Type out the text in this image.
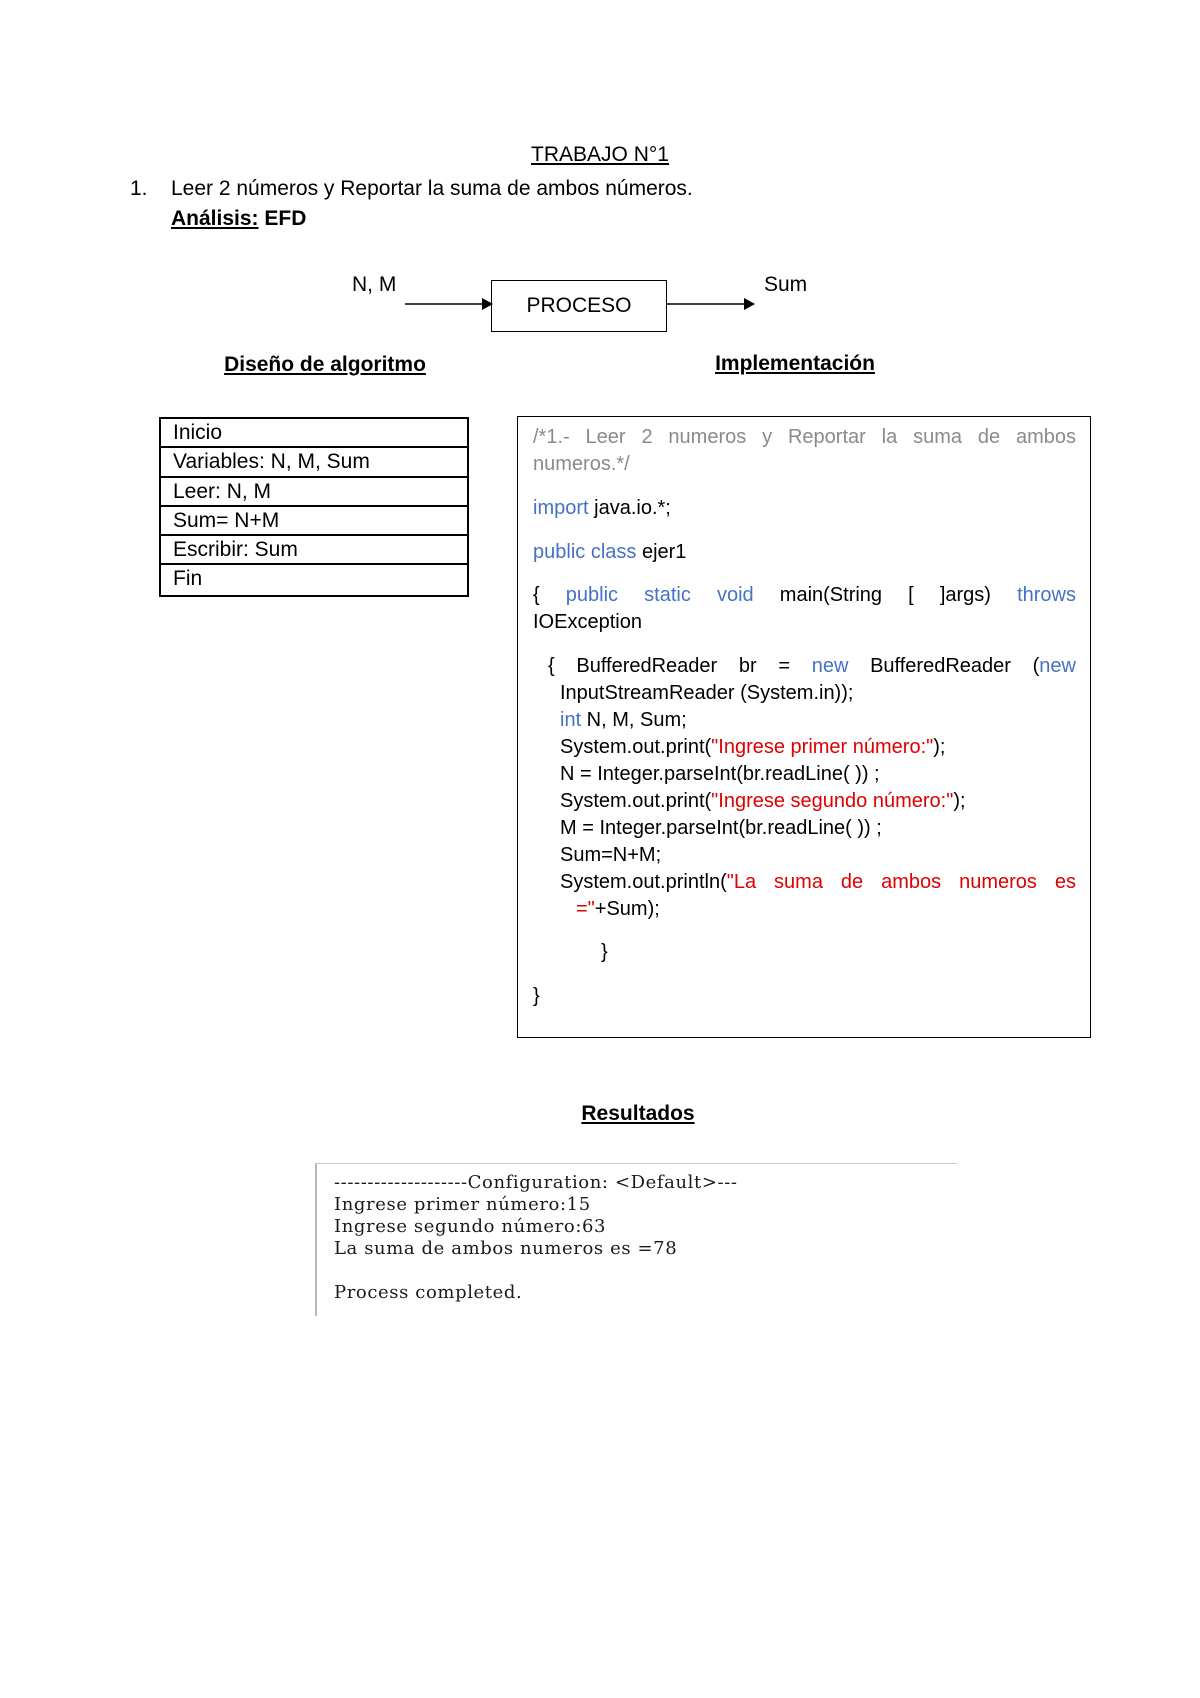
TRABAJO N°1
1. Leer 2 números y Reportar la suma de ambos números.
Análisis: EFD
N, M
PROCESO
Sum
Diseño de algoritmo	Implementación
Inicio
Variables: N, M, Sum
Leer: N, M
Sum= N+M
Escribir: Sum
Fin
/*1.- Leer 2 numeros y Reportar la suma de ambos
numeros.*/
import java.io.*;
public class ejer1
{ public static void main(String [ ]args) throws
IOException
{ BufferedReader br = new BufferedReader (new
InputStreamReader (System.in));
int N, M, Sum;
System.out.print("Ingrese primer número:");
N = Integer.parseInt(br.readLine( )) ;
System.out.print("Ingrese segundo número:");
M = Integer.parseInt(br.readLine( )) ;
Sum=N+M;
System.out.println("La suma de ambos numeros es
="+Sum);
}
}
Resultados
--------------------Configuration: <Default>---
Ingrese primer número:15
Ingrese segundo número:63
La suma de ambos numeros es =78
Process completed.
